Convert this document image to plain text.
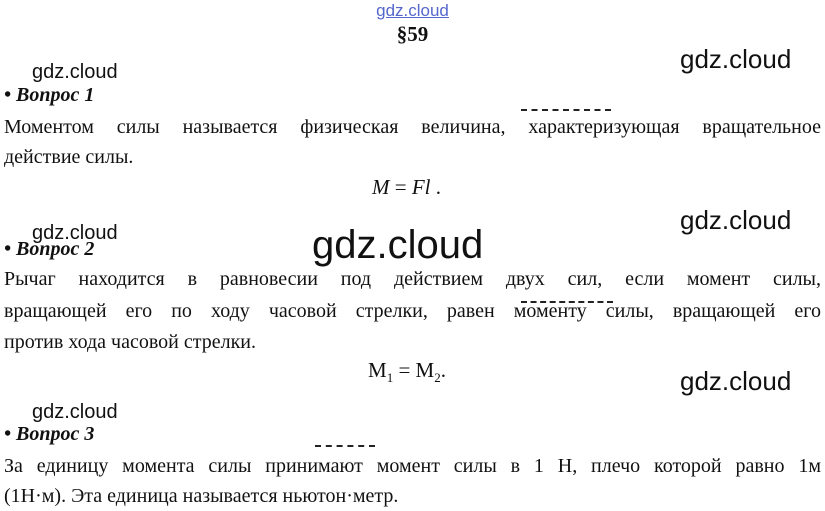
gdz.cloud
gdz.cloud	gdz.cloud
gdz.cloud	gdz.cloud
gdz.cloud
gdz.cloud
gdz.cloud
§59
• Вопрос 1
Моментом силы называется физическая величина, характеризующая вращательное
действие силы.
M = Fl .
• Вопрос 2
Рычаг находится в равновесии под действием двух сил, если момент силы,
вращающей его по ходу часовой стрелки, равен моменту силы, вращающей его
против хода часовой стрелки.
$M_1 = M_2$.
• Вопрос 3
За единицу момента силы принимают момент силы в 1 Н, плечо которой равно 1м
(1Н·м). Эта единица называется ньютон·метр.
